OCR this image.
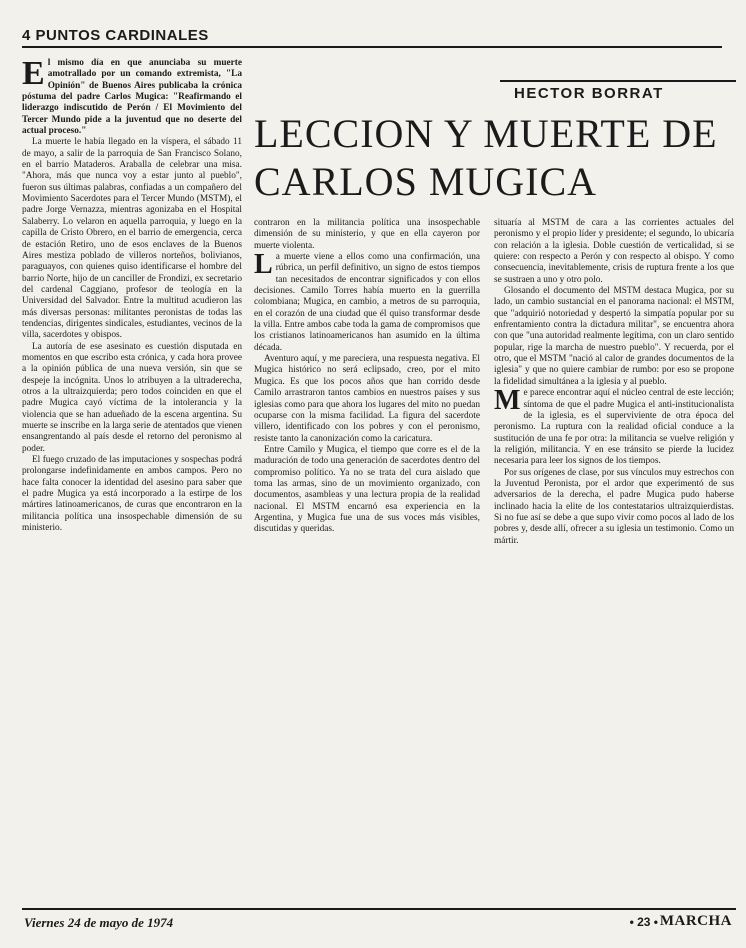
4 PUNTOS CARDINALES
HECTOR BORRAT
LECCION Y MUERTE DE CARLOS MUGICA

El mismo día en que anunciaba su muerte amotrallado por un comando extremista, "La Opinión" de Buenos Aires publicaba la crónica póstuma del padre Carlos Mugica: "Reafirmando el liderazgo indiscutido de Perón / El Movimiento del Tercer Mundo pide a la juventud que no deserte del actual proceso."

La muerte le había llegado en la víspera, el sábado 11 de mayo, a salir de la parroquia de San Francisco Solano, en el barrio Mataderos. Araballa de celebrar una misa. "Ahora, más que nunca voy a estar junto al pueblo", fueron sus últimas palabras, confiadas a un compañero del Movimiento Sacerdotes para el Tercer Mundo (MSTM), el padre Jorge Vernazza, mientras agonizaba en el Hospital Salaberry. Lo velaron en aquella parroquia, y luego en la capilla de Cristo Obrero, en el barrio de emergencia, cerca de estación Retiro, uno de esos enclaves de la Buenos Aires mestiza poblado de villeros norteños, bolivianos, paraguayos, con quienes quiso identificarse el hombre del barrio Norte, hijo de un canciller de Frondizi, ex secretario del cardenal Caggiano, profesor de teología en la Universidad del Salvador. Entre la multitud acudieron las más diversas personas: militantes peronistas de todas las tendencias, dirigentes sindicales, estudiantes, vecinos de la villa, sacerdotes y obispos.

La autoría de ese asesinato es cuestión disputada en momentos en que escribo esta crónica, y cada hora provee a la opinión pública de una nueva versión, sin que se despeje la incógnita. Unos lo atribuyen a la ultraderecha, otros a la ultraizquierda; pero todos coinciden en que el padre Mugica cayó víctima de la intolerancia y la violencia que se han adueñado de la escena argentina. Su muerte se inscribe en la larga serie de atentados que vienen ensangrentando al país desde el retorno del peronismo al poder.

El fuego cruzado de las imputaciones y sospechas podrá prolongarse indefinidamente en ambos campos. Pero no hace falta conocer la identidad del asesino para saber que el padre Mugica ya está incorporado a la estirpe de los mártires latinoamericanos, de curas que encontraron en la militancia política una insospechable dimensión de su ministerio.

contraron en la militancia política una insospechable dimensión de su ministerio, y que en ella cayeron por muerte violenta.

La muerte viene a ellos como una confirmación, una rúbrica, un perfil definitivo, un signo de estos tiempos tan necesitados de encontrar significados y con ellos decisiones. Camilo Torres había muerto en la guerrilla colombiana; Mugica, en cambio, a metros de su parroquia, en el corazón de una ciudad que él quiso transformar desde la villa. Entre ambos cabe toda la gama de compromisos que los cristianos latinoamericanos han asumido en la última década.

Aventuro aquí, y me pareciera, una respuesta negativa. El Mugica histórico no será eclipsado, creo, por el mito Mugica. Es que los pocos años que han corrido desde Camilo arrastraron tantos cambios en nuestros países y sus iglesias como para que ahora los lugares del mito no puedan ocuparse con la misma facilidad. La figura del sacerdote villero, identificado con los pobres y con el peronismo, resiste tanto la canonización como la caricatura.

Entre Camilo y Mugica, el tiempo que corre es el de la maduración de todo una generación de sacerdotes dentro del compromiso político. Ya no se trata del cura aislado que toma las armas, sino de un movimiento organizado, con documentos, asambleas y una lectura propia de la realidad nacional. El MSTM encarnó esa experiencia en la Argentina, y Mugica fue una de sus voces más visibles, discutidas y queridas.

situaría al MSTM de cara a las corrientes actuales del peronismo y el propio líder y presidente; el segundo, lo ubicaría con relación a la iglesia. Doble cuestión de verticalidad, si se quiere: con respecto a Perón y con respecto al obispo. Y como consecuencia, inevitablemente, crisis de ruptura frente a los que se sustraen a uno y otro polo.

Glosando el documento del MSTM destaca Mugica, por su lado, un cambio sustancial en el panorama nacional: el MSTM, que "adquirió notoriedad y despertó la simpatía popular por su enfrentamiento contra la dictadura militar", se encuentra ahora con que "una autoridad realmente legítima, con un claro sentido popular, rige la marcha de nuestro pueblo". Y recuerda, por el otro, que el MSTM "nació al calor de grandes documentos de la iglesia" y que no quiere cambiar de rumbo: por eso se propone la fidelidad simultánea a la iglesia y al pueblo.

Me parece encontrar aquí el núcleo central de este lección; síntoma de que el padre Mugica el anti-institucionalista de la iglesia, es el superviviente de otra época del peronismo. La ruptura con la realidad oficial conduce a la sustitución de una fe por otra: la militancia se vuelve religión y la religión, militancia. Y en ese tránsito se pierde la lucidez necesaria para leer los signos de los tiempos.

Por sus orígenes de clase, por sus vínculos muy estrechos con la Juventud Peronista, por el ardor que experimentó de sus adversarios de la derecha, el padre Mugica pudo haberse inclinado hacia la elite de los contestatarios ultraizquierdistas. Si no fue así se debe a que supo vivir como pocos al lado de los pobres y, desde allí, ofrecer a su iglesia un testimonio. Como un mártir.

Viernes 24 de mayo de 1974	• 23 • MARCHA
